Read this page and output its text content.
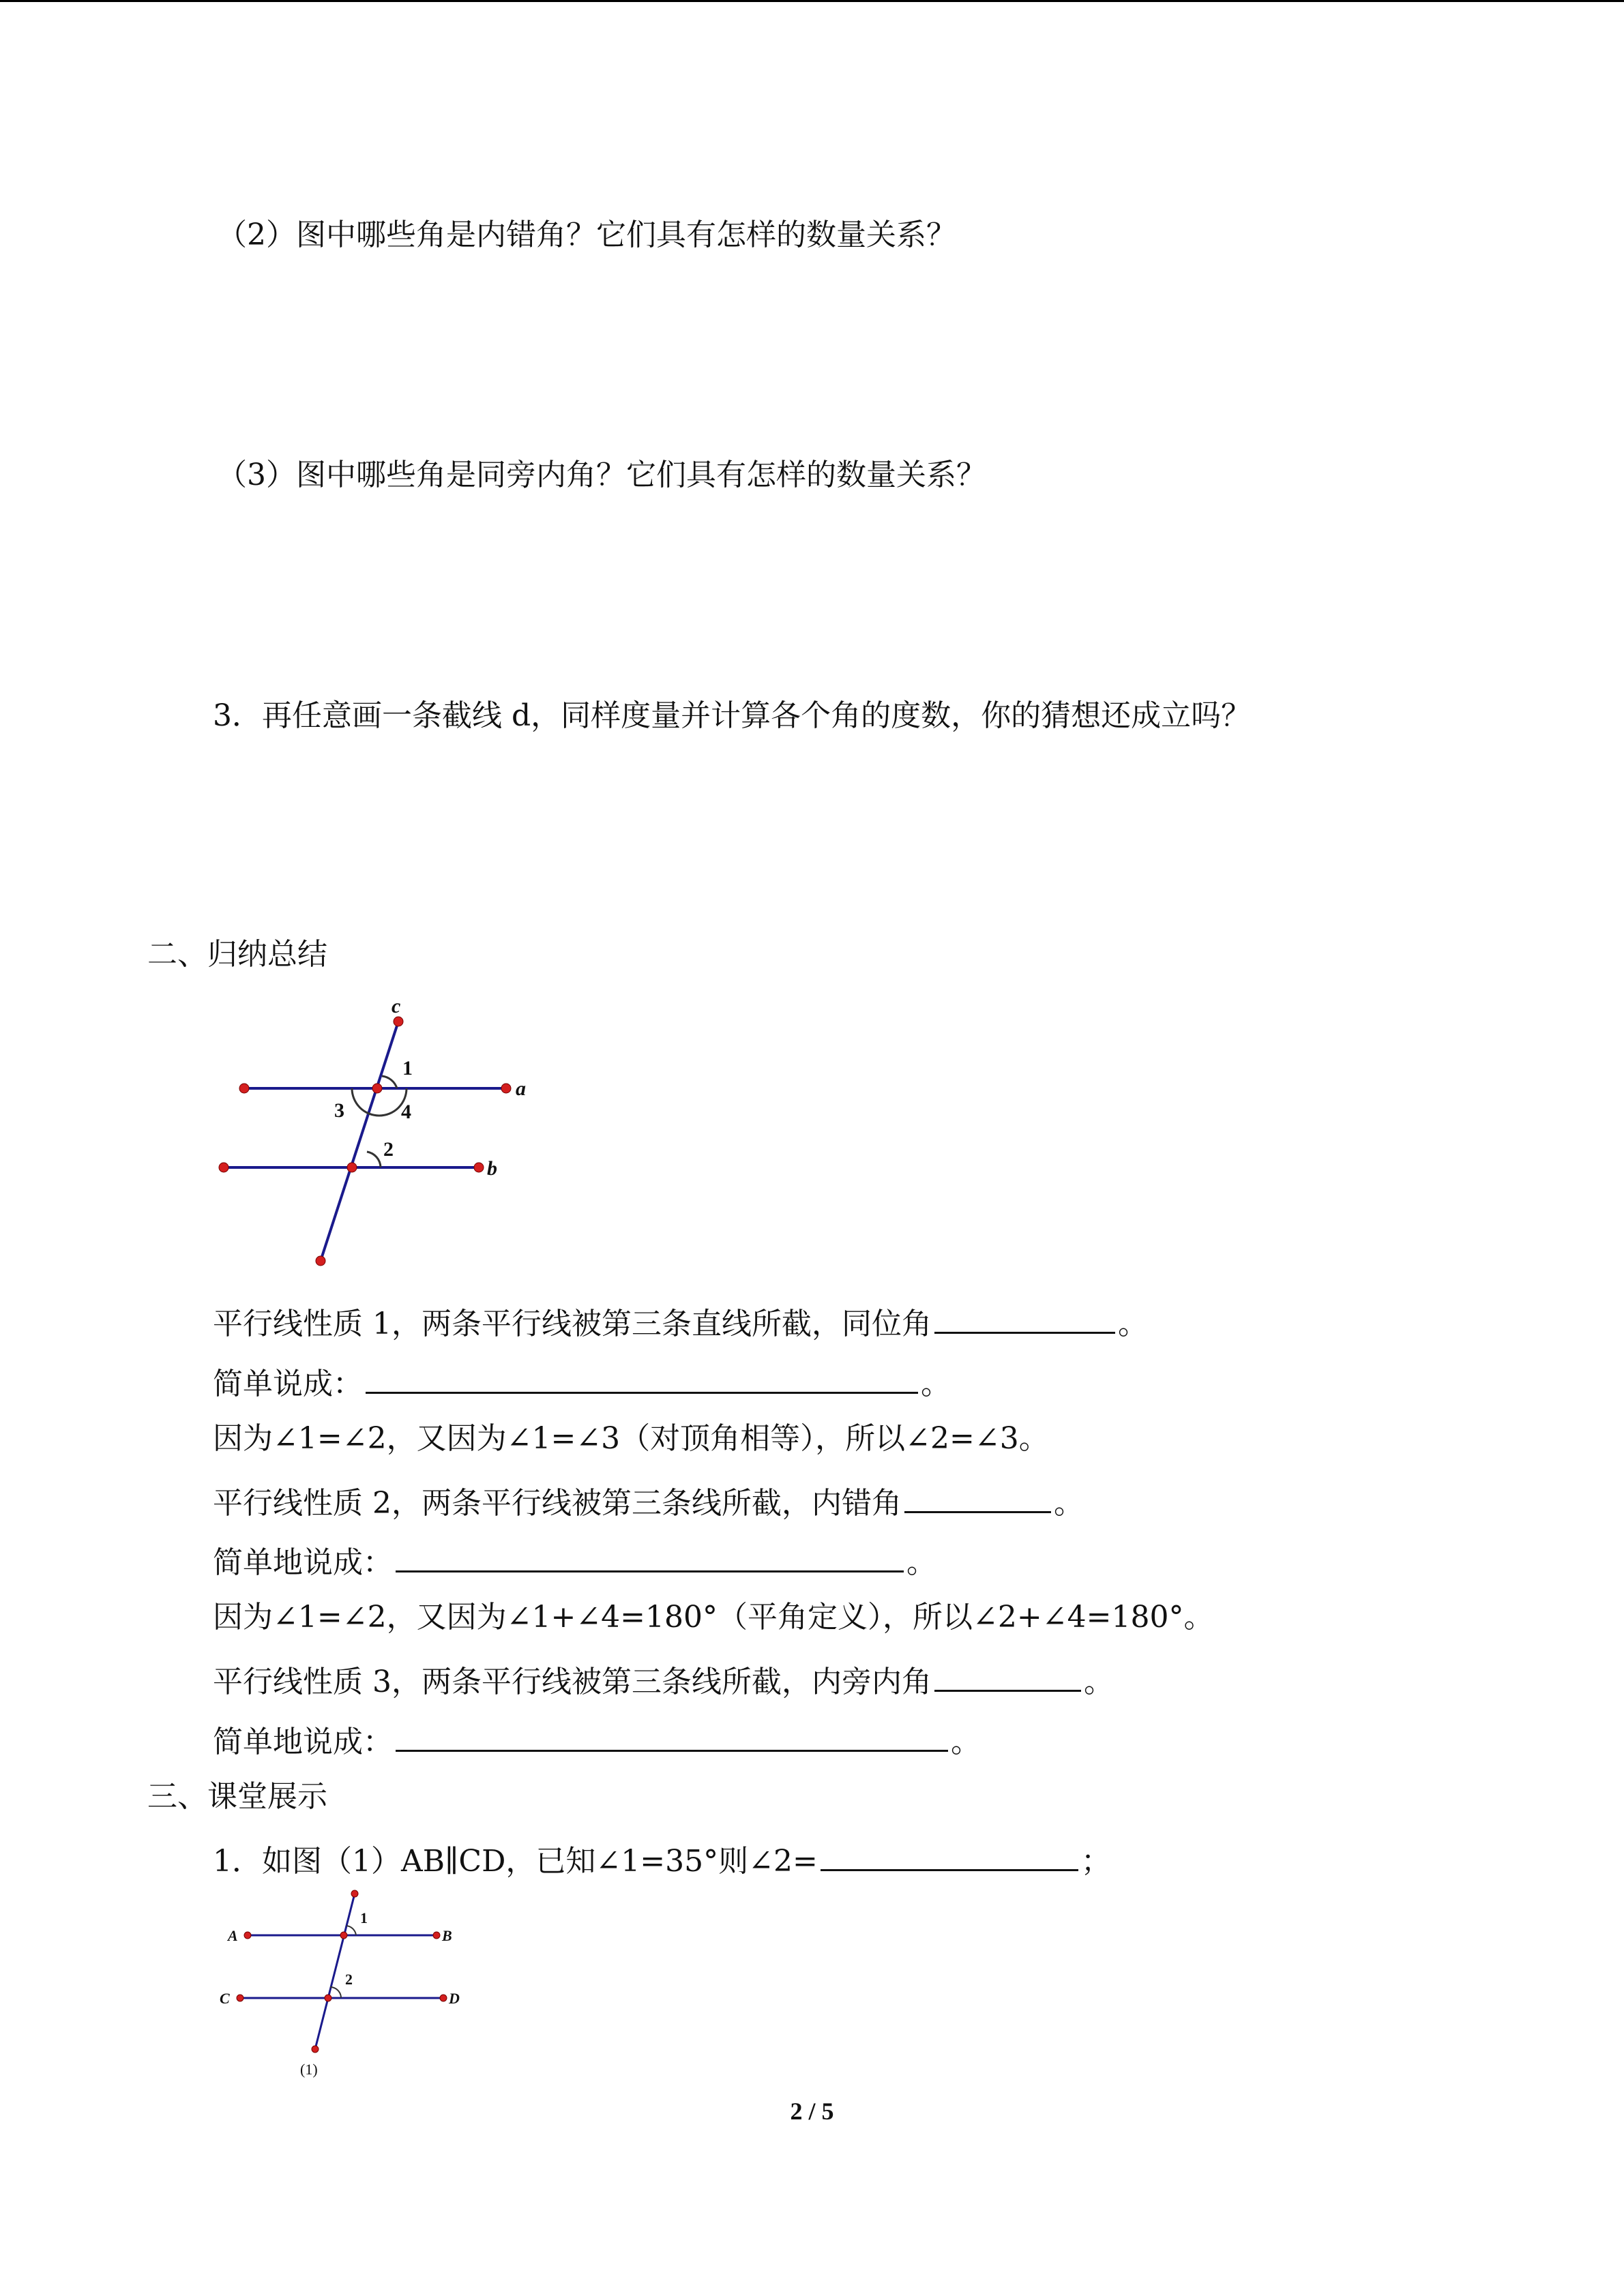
（2）图中哪些角是内错角？它们具有怎样的数量关系？
（3）图中哪些角是同旁内角？它们具有怎样的数量关系？
3．再任意画一条截线 d，同样度量并计算各个角的度数，你的猜想还成立吗？
二、归纳总结
c
a
b
1
3	4
2
平行线性质 1，两条平行线被第三条直线所截，同位角	。
简单说成：	。
因为∠1=∠2，又因为∠1=∠3（对顶角相等），所以∠2=∠3。
平行线性质 2，两条平行线被第三条线所截，内错角	。
简单地说成：	。
因为∠1=∠2，又因为∠1+∠4=180°（平角定义），所以∠2+∠4=180°。
平行线性质 3，两条平行线被第三条线所截，内旁内角	。
简单地说成：	。
三、课堂展示
1．如图（1）AB∥CD，已知∠1=35°则∠2=	；
A	B
C	D
1
2
(1)
2 / 5
